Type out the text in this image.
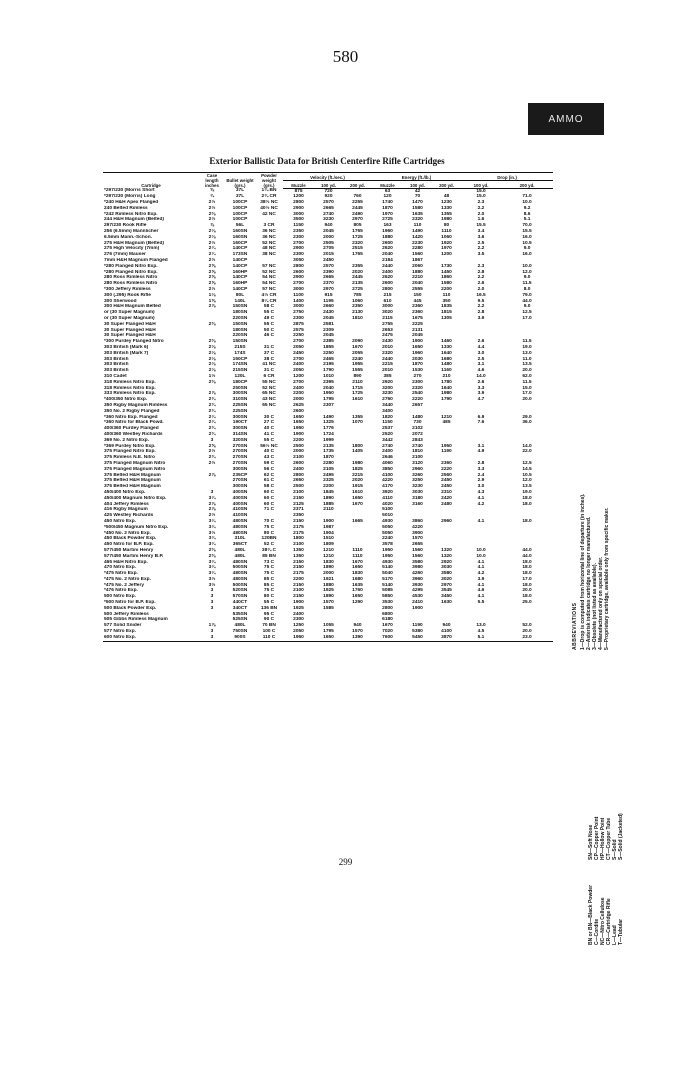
580
AMMO
Exterior Ballistic Data for British Centerfire Rifle Cartridges
Cartridge	Case length inches	Bullet weight (grs.)	Powder weight (grs.)	Velocity (ft./sec.)			Energy (ft./lb.)			Drop (in.)	
				Muzzle	100 yd.	200 yd.	Muzzle	100 yd.	200 yd.	100 yd.	200 yd.
*297/230 (Morris Short	⅝	37L	1¾ BN	875	720		63	42		15.0	
*297/230 (Morris) Long	¾	37L	2¾ CR	1200	920	760	120	70	48	15.0	71.0
*240 H&H Apex Flanged	2½	100CP	38½ NC	2800	2570	2255	1740	1470	1230	2.3	10.0
240 Belted Rimless	2½	100CP	40½ NC	2900	2665	2445	1870	1580	1330	2.2	9.2
*242 Rimless Nitro Exp.	2⅜	100CP	42 NC	3000	2740	2490	1970	1635	1355	2.0	8.6
244 H&H Magnum (Belted)	2½	100CP		3500	3230	2970	2725	2320	1980	1.6	5.1
297/230 Rook Rifle	⅞	56L	3 CR	1150	940	805	163	110	80	15.5	70.0
256 (6.5mm) Mannlicher	2⅛	160SN	36 NC	2350	2045	1765	1960	1490	1110	3.4	15.5
6.5mm Mann.-Schon.	2⅛	160SN	36 NC	2300	2000	1725	1880	1420	1060	3.6	16.0
275 H&H Magnum (Belted)	2½	160CP	52 NC	2700	2505	2320	2600	2230	1920	2.5	10.5
275 High Velocity (7mm)	2¼	140CP	48 NC	2900	2705	2515	2620	2280	1970	2.2	9.0
276 (7mm) Mauser	2¼	173SN	38 NC	2300	2015	1765	2040	1560	1200	3.5	16.0
7mm H&H Magnum Flanged	2½	140CP		3050	2450		2184	1867			
*280 Flanged Nitro Exp.	2⅝	140CP	57 NC	2800	2570	2355	2440	2060	1730	2.3	10.0
*280 Flanged Nitro Exp.	2⅝	160HP	52 NC	2600	2390	2020	2400	1880	1450	2.8	12.0
280 Ross Rimless Nitro	2⅝	140CP	54 NC	2900	2665	2445	2620	2210	1860	2.2	9.0
280 Ross Rimless Nitro	2⅝	160HP	54 NC	2700	2370	2135	2600	2040	1580	2.6	11.5
*300 Jeffery Rimless	2½	140CP	57 NC	3000	2970	2725	2800	2555	2200	2.0	8.0
300 (.295) Rook Rifle	1⅛	80L	4½ CR	1100	915	785	215	150	110	16.5	79.0
300 Sherwood	1⅝	140L	8¼ CR	1400	1195	1060	610	445	350	9.5	44.0
300 H&H Magnum Belted	2⅞	150SN	58 C	3000	2660	2350	3000	2360	1835	2.2	9.0
or (30 Super Magnum)		180SN	55 C	2750	2430	2130	3020	2360	1815	2.8	12.5
or (30 Super Magnum)		220SN	49 C	2300	2045	1810	2115	1675	1305	3.9	17.0
30 Super Flanged H&H	2⅜	150SN	55 C	2875	2581		2755	2225			
30 Super Flanged H&H		180SN	50 C	2575	2309		2653	2131			
30 Super Flanged H&H		220SN	46 C	2250	2045		2475	2045			
*300 Purdey Flanged Nitro	2⅜	150SN		2700	2385	2090	2430	1900	1460	2.6	11.5
303 British (Mark 6)	2⅛	215S	31 C	2050	1855	1670	2010	1650	1330	4.4	19.0
303 British (Mark 7)	2⅛	174S	37 C	2450	2250	2055	2320	1960	1640	3.0	13.0
303 British	2⅛	150CP	38 C	2700	2465	2240	2440	2030	1680	2.5	11.0
303 British	2⅛	174SN	41 NC	2400	2195	1955	2215	1870	1480	3.1	13.5
303 British	2⅛	215SN	31 C	2050	1790	1555	2010	1530	1160	4.6	20.0
310 Cadet	1½	120L	6 CR	1200	1010	890	385	270	210	14.0	62.0
318 Rimless Nitro Exp.	2⅜	180CP	55 NC	2700	2395	2110	2920	2300	1780	2.6	11.5
318 Rimless Nitro Exp.		250SN	52 NC	2400	2040	1715	3200	2320	1640	3.3	15.0
333 Rimless Nitro Exp.	2⅞	300SN	65 NC	2200	1950	1725	3230	2540	1980	3.9	17.0
*400/350 Nitro Exp.	2¾	310SN	43 NC	2000	1795	1610	2760	2220	1790	4.7	20.0
350 Rigby Magnum Rimless	2¾	225SN	65 NC	2625	2307		3440	2657			
350 No. 2 Rigby Flanged	2¾	225SN		2600			3400				
*360 Nitro Exp. Flanged	2¼	300SN	30 C	1650	1490	1355	1820	1480	1210	6.9	29.0
*360 Nitro for Black Powd.	2¼	190CT	27 C	1650	1325	1070	1150	730	485	7.6	36.0
400/360 Purdey Flanged	2¾	300SN	40 C	1950	1776		2537	2102			
400/360 Westley Richards	2¾	314SN	41 C	1900	1724		2520	2072			
369 No. 2 Nitro Exp.	3	320SN	55 C	2200	1999		3442	2843			
*369 Purdey Nitro Exp.	2⅝	270SN	56½ NC	2500	2135	1800	2740	2740	1950	3.1	14.0
375 Flanged Nitro Exp.	2½	270SN	40 C	2000	1735	1405	2400	1810	1190	4.9	22.0
375 Rimless N.E. Nitro	2¾	270SN	43 C	2100	1870		2646	2100			
375 Flanged Magnum Nitro	2½	270SN	59 C	2600	2280	1980	4060	3120	2360	2.8	12.5
375 Flanged Magnum Nitro		300SN	56 C	2400	2105	1825	3850	2960	2220	3.3	14.5
375 Belted H&H Magnum	2⅞	235CP	62 C	2800	2495	2215	4100	3260	2560	2.4	10.5
375 Belted H&H Magnum		270SN	61 C	2650	2325	2020	4220	3250	2450	2.9	12.0
375 Belted H&H Magnum		300SN	58 C	2500	2200	1915	4170	3230	2450	3.0	13.5
450/400 Nitro Exp.	3	400SN	60 C	2100	1845	1610	3920	3030	2310	4.3	19.0
450/400 Magnum Nitro Exp.	3¼	400SN	60 C	2150	1890	1650	4110	3180	2420	4.1	18.0
404 Jeffery Rimless	2⅞	400SN	60 C	2125	1885	1670	4020	3160	2480	4.2	18.0
416 Rigby Magnum	2⅞	410SN	71 C	2371	2110		5100				
425 Westley Richards	2½	410SN		2350			5010				
450 Nitro Exp.	3¼	480SN	70 C	2150	1900	1665	4930	3860	2960	4.1	18.0
*500/450 Magnum Nitro Exp.	3¼	480SN	75 C	2175	1987		5050	4220			
*450 No. 2 Nitro Exp.	3½	480SN	80 C	2175	1904		5050	3900			
450 Black Powder Exp.	3¼	310L	120BN	1800	1510		2240	1570			
450 Nitro for B.P. Exp.	3¼	365CT	52 C	2100	1809		3578	2655			
577/450 Martini Henry	2⅜	480L	38¾ C	1350	1210	1110	1950	1560	1320	10.0	44.0
577/450 Martini Henry B.P.	2⅜	480L	85 BN	1350	1210	1110	1950	1560	1320	10.0	44.0
465 H&H Nitro Exp.	3¼	480SN	73 C	2150	1830	1670	4930	3580	2920	4.1	18.0
470 Nitro Exp.	3¼	500SN	75 C	2150	1890	1650	5140	3980	3030	4.1	18.0
*475 Nitro Exp.	3¼	480SN	75 C	2175	2000	1830	5040	4260	3580	4.2	18.0
*475 No. 2 Nitro Exp.	3½	480SN	85 C	2200	1921	1680	5170	3960	3020	3.9	17.0
*475 No. 2 Jeffery	3½	500SN	85 C	2150	1880	1635	5140	3930	2970	4.1	18.0
*476 Nitro Exp.	3	520SN	75 C	2100	1925	1760	5085	4295	3545	4.6	20.0
500 Nitro Exp.	3	570SN	80 C	2150	1890	1650	5850	4530	3450	4.1	18.0
*500 Nitro for B.P. Exp.	3	440CT	55 C	1900	1570	1290	3530	2410	1630	5.5	25.0
500 Black Powder Exp.	3	340CT	136 BN	1925	1585		2800	1900			
500 Jeffery Rimless		535SN	95 C	2400			6800				
505 Gibbs Rimless Magnum		525SN	90 C	2300			6180				
577 Solid Snider	1⅞	480L	70 BN	1250	1055	940	1670	1190	940	13.0	52.0
577 Nitro Exp.	3	750SN	100 C	2050	1795	1570	7020	5380	4100	4.5	20.0
600 Nitro Exp.	3	900S	110 C	1950	1650	1390	7600	5450	3870	5.1	23.0
299
ABBREVIATIONS 1—Drop is computed from horizontal line of departure (in inches). 2—Asterisk indicates cartridge no longer manufactured. 3—Obsolete (not listed as available). 4—Manufactured only on special order. 5—Proprietary cartridge, available only from specific maker.
SN—Soft Nose CP—Copper Point HP—Hollow Point CT—Copper Tube S—Solid S—Solid (Jacketed)
BN or BN—Black Powder C—Cordite NC—Nitro Cellulose CR—Cartridge Rifle L—Lead T—Tubular
